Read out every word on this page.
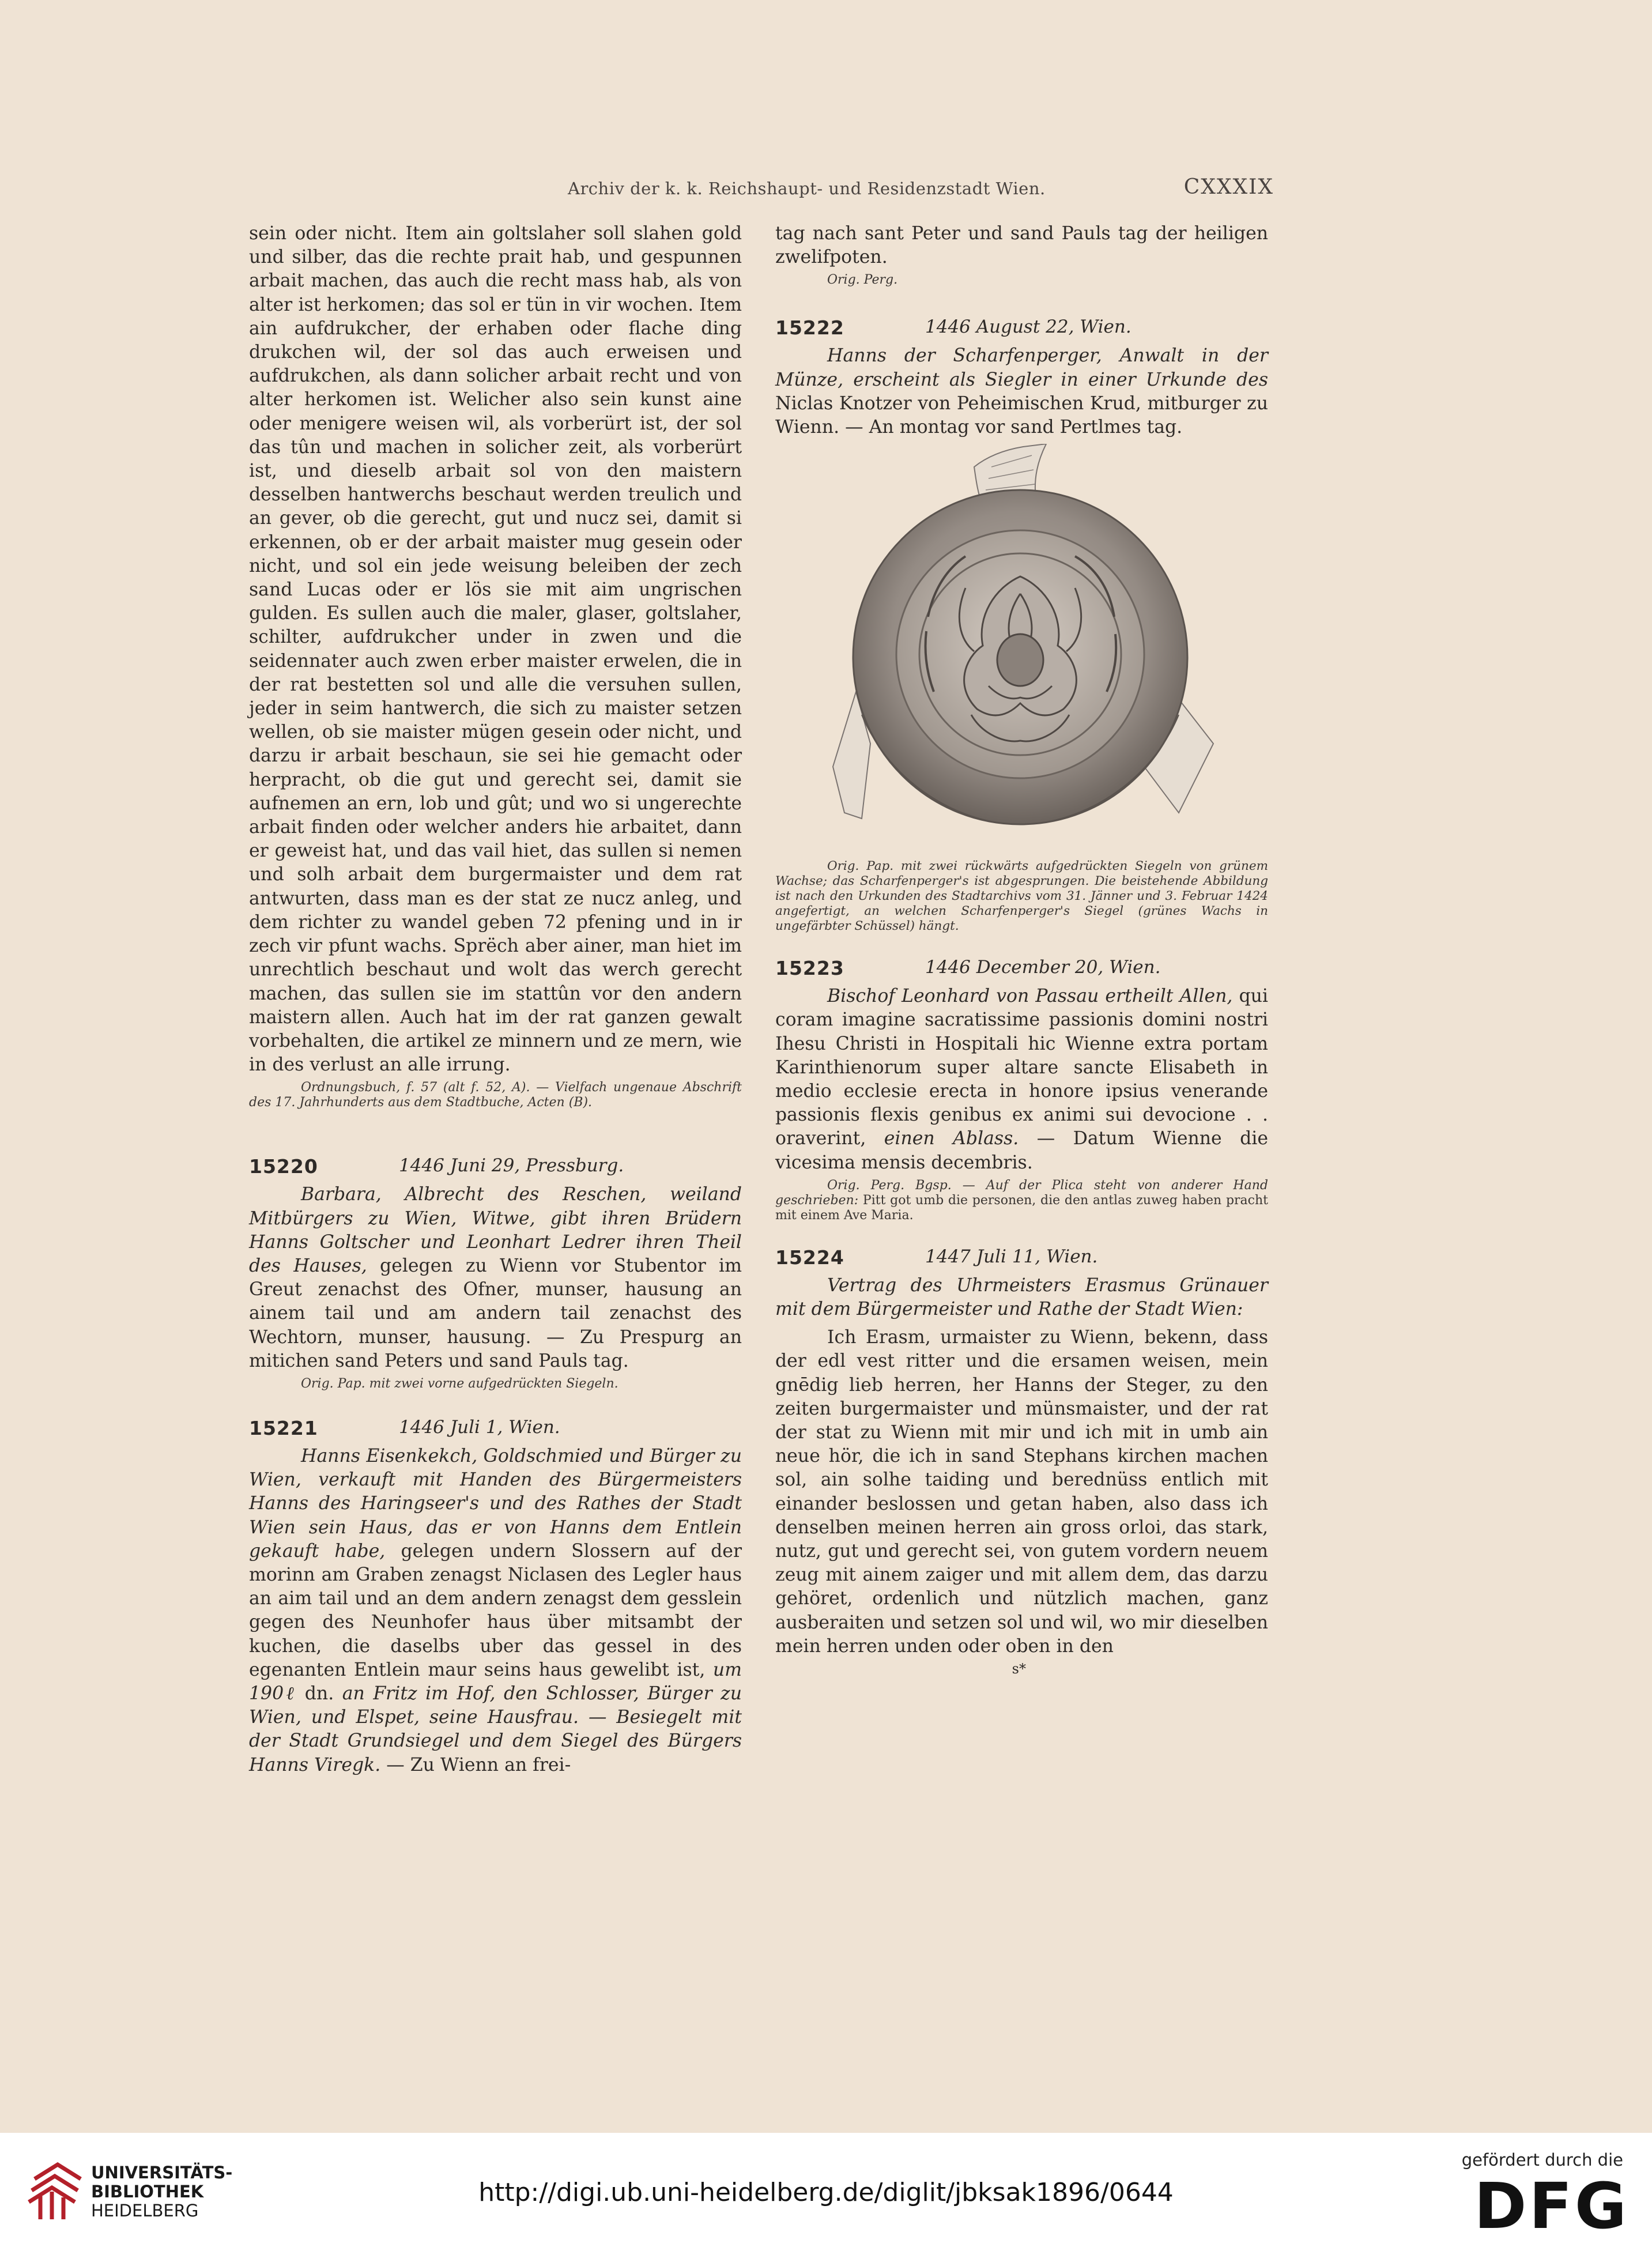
Archiv der k. k. Reichshaupt- und Residenzstadt Wien.	CXXXIX

sein oder nicht. Item ain goltslaher soll slahen gold und silber, das die rechte prait hab, und gespunnen arbait machen, das auch die recht mass hab, als von alter ist herkomen; das sol er tün in vir wochen. Item ain aufdrukcher, der erhaben oder flache ding drukchen wil, der sol das auch erweisen und aufdrukchen, als dann solicher arbait recht und von alter herkomen ist. Welicher also sein kunst aine oder menigere weisen wil, als vorberürt ist, der sol das tûn und machen in solicher zeit, als vorberürt ist, und dieselb arbait sol von den maistern desselben hantwerchs beschaut werden treulich und an gever, ob die gerecht, gut und nucz sei, damit si erkennen, ob er der arbait maister mug gesein oder nicht, und sol ein jede weisung beleiben der zech sand Lucas oder er lös sie mit aim ungrischen gulden. Es sullen auch die maler, glaser, goltslaher, schilter, aufdrukcher under in zwen und die seidennater auch zwen erber maister erwelen, die in der rat bestetten sol und alle die versuhen sullen, jeder in seim hantwerch, die sich zu maister setzen wellen, ob sie maister mügen gesein oder nicht, und darzu ir arbait beschaun, sie sei hie gemacht oder herpracht, ob die gut und gerecht sei, damit sie aufnemen an ern, lob und gût; und wo si ungerechte arbait finden oder welcher anders hie arbaitet, dann er geweist hat, und das vail hiet, das sullen si nemen und solh arbait dem burgermaister und dem rat antwurten, dass man es der stat ze nucz anleg, und dem richter zu wandel geben 72 pfening und in ir zech vir pfunt wachs. Sprëch aber ainer, man hiet im unrechtlich beschaut und wolt das werch gerecht machen, das sullen sie im stattûn vor den andern maistern allen. Auch hat im der rat ganzen gewalt vorbehalten, die artikel ze minnern und ze mern, wie in des verlust an alle irrung.

Ordnungsbuch, f. 57 (alt f. 52, A). — Vielfach ungenaue Abschrift des 17. Jahrhunderts aus dem Stadtbuche, Acten (B).

15220	1446 Juni 29, Pressburg.

Barbara, Albrecht des Reschen, weiland Mitbürgers zu Wien, Witwe, gibt ihren Brüdern Hanns Goltscher und Leonhart Ledrer ihren Theil des Hauses, gelegen zu Wienn vor Stubentor im Greut zenachst des Ofner, munser, hausung an ainem tail und am andern tail zenachst des Wechtorn, munser, hausung. — Zu Prespurg an mitichen sand Peters und sand Pauls tag.

Orig. Pap. mit zwei vorne aufgedrückten Siegeln.

15221	1446 Juli 1, Wien.

Hanns Eisenkekch, Goldschmied und Bürger zu Wien, verkauft mit Handen des Bürgermeisters Hanns des Haringseer's und des Rathes der Stadt Wien sein Haus, das er von Hanns dem Entlein gekauft habe, gelegen undern Slossern auf der morinn am Graben zenagst Niclasen des Legler haus an aim tail und an dem andern zenagst dem gesslein gegen des Neunhofer haus über mitsambt der kuchen, die daselbs uber das gessel in des egenanten Entlein maur seins haus gewelibt ist, um 190ℓ dn. an Fritz im Hof, den Schlosser, Bürger zu Wien, und Elspet, seine Hausfrau. — Besiegelt mit der Stadt Grundsiegel und dem Siegel des Bürgers Hanns Viregk. — Zu Wienn an frei-

tag nach sant Peter und sand Pauls tag der heiligen zwelifpoten.

Orig. Perg.

15222	1446 August 22, Wien.

Hanns der Scharfenperger, Anwalt in der Münze, erscheint als Siegler in einer Urkunde des Niclas Knotzer von Peheimischen Krud, mitburger zu Wienn. — An montag vor sand Pertlmes tag.

Orig. Pap. mit zwei rückwärts aufgedrückten Siegeln von grünem Wachse; das Scharfenperger's ist abgesprungen. Die beistehende Abbildung ist nach den Urkunden des Stadtarchivs vom 31. Jänner und 3. Februar 1424 angefertigt, an welchen Scharfenperger's Siegel (grünes Wachs in ungefärbter Schüssel) hängt.

15223	1446 December 20, Wien.

Bischof Leonhard von Passau ertheilt Allen, qui coram imagine sacratissime passionis domini nostri Ihesu Christi in Hospitali hic Wienne extra portam Karinthienorum super altare sancte Elisabeth in medio ecclesie erecta in honore ipsius venerande passionis flexis genibus ex animi sui devocione . . oraverint, einen Ablass. — Datum Wienne die vicesima mensis decembris.

Orig. Perg. Bgsp. — Auf der Plica steht von anderer Hand geschrieben: Pitt got umb die personen, die den antlas zuweg haben pracht mit einem Ave Maria.

15224	1447 Juli 11, Wien.

Vertrag des Uhrmeisters Erasmus Grünauer mit dem Bürgermeister und Rathe der Stadt Wien:

Ich Erasm, urmaister zu Wienn, bekenn, dass der edl vest ritter und die ersamen weisen, mein gnēdig lieb herren, her Hanns der Steger, zu den zeiten burgermaister und münsmaister, und der rat der stat zu Wienn mit mir und ich mit in umb ain neue hör, die ich in sand Stephans kirchen machen sol, ain solhe taiding und berednüss entlich mit einander beslossen und getan haben, also dass ich denselben meinen herren ain gross orloi, das stark, nutz, gut und gerecht sei, von gutem vordern neuem zeug mit ainem zaiger und mit allem dem, das darzu gehöret, ordenlich und nützlich machen, ganz ausberaiten und setzen sol und wil, wo mir dieselben mein herren unden oder oben in den

s*
UNIVERSITÄTS-
BIBLIOTHEK
HEIDELBERG
http://digi.ub.uni-heidelberg.de/diglit/jbksak1896/0644
gefördert durch die
DFG
